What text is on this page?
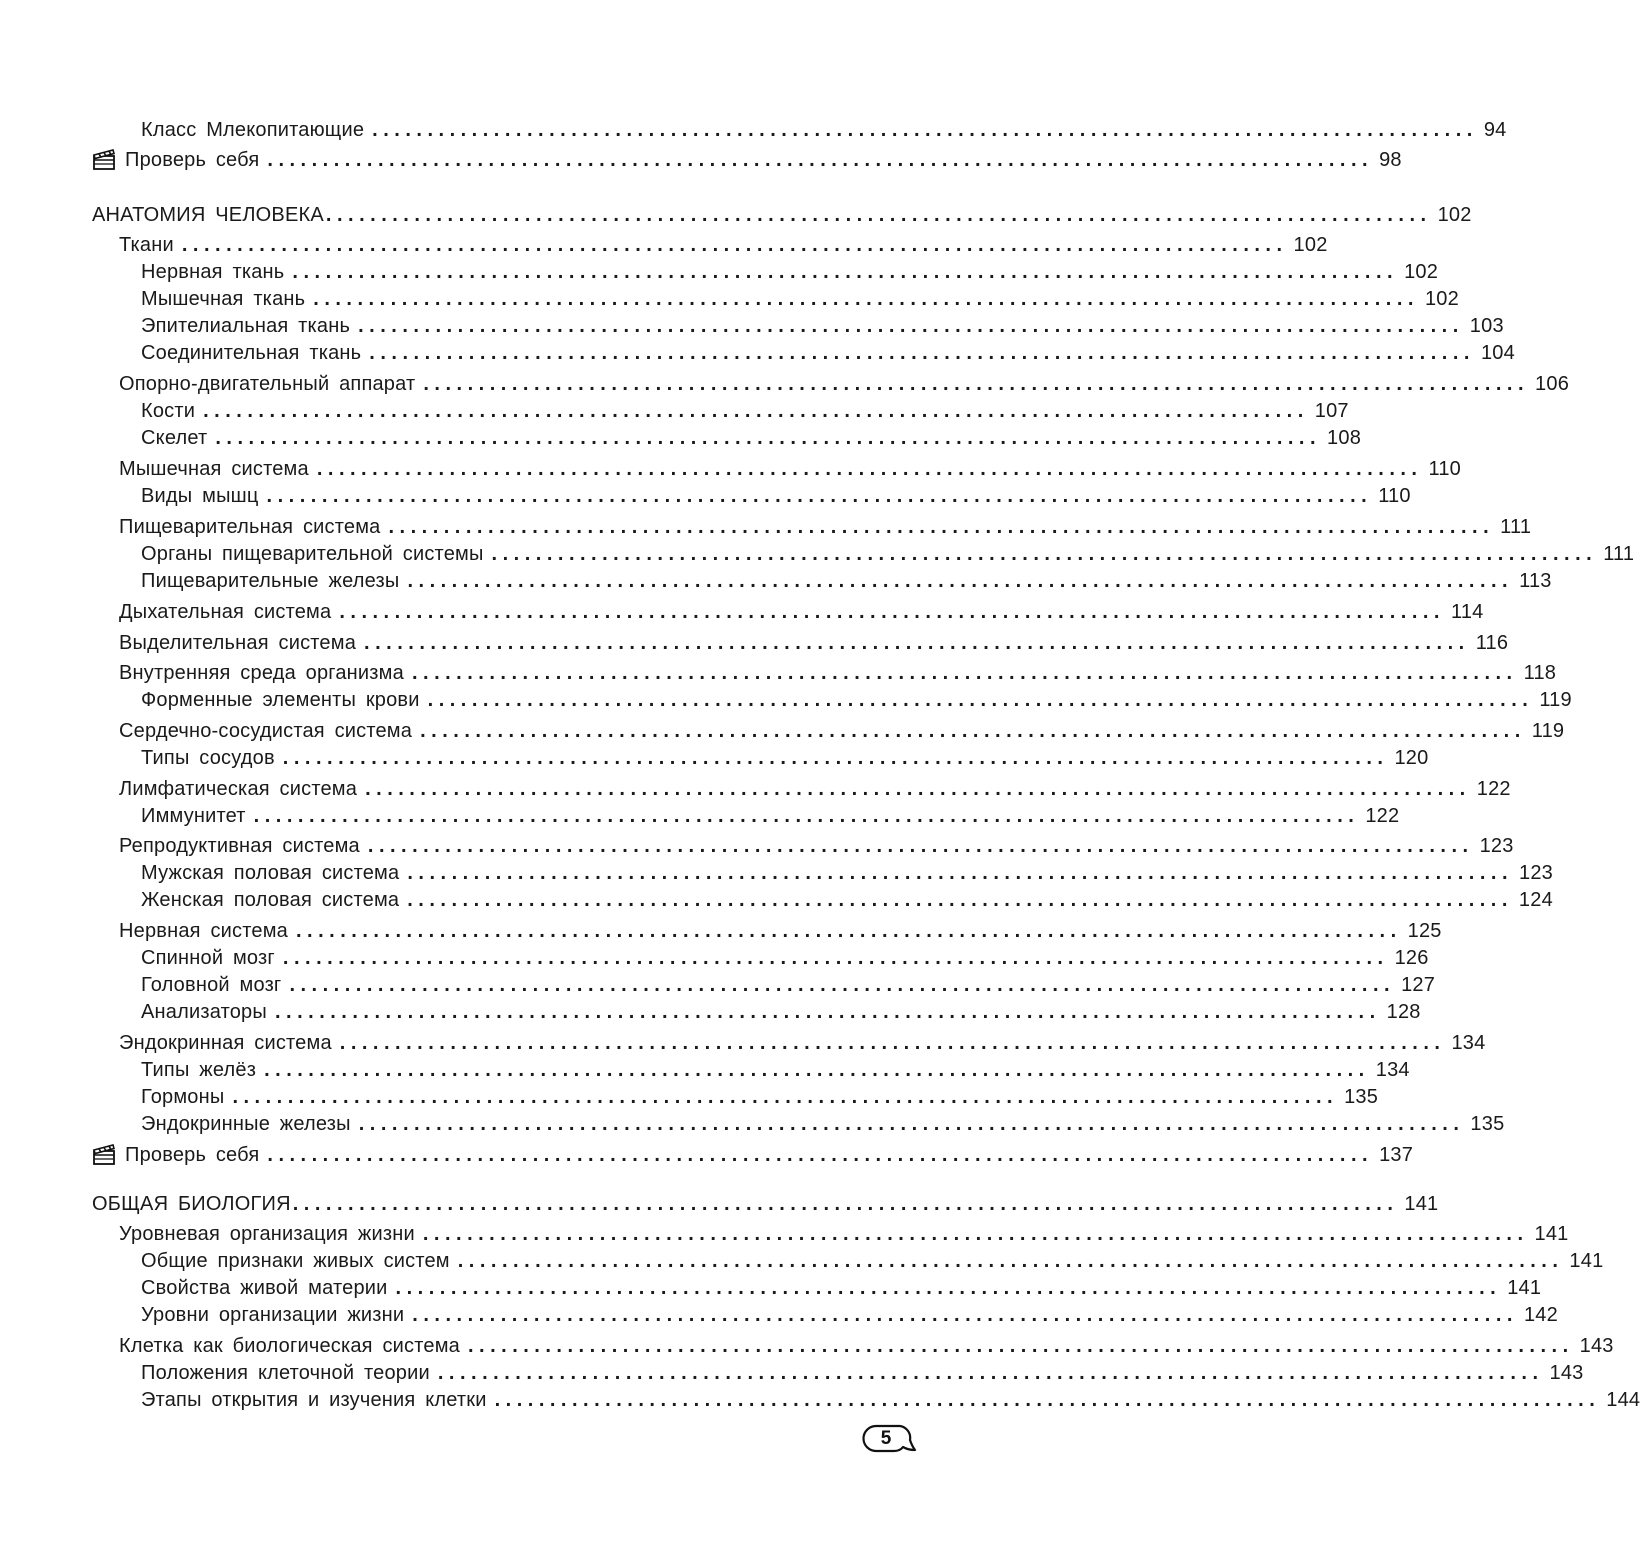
Класс Млекопитающие .................................................................................................... 94
Проверь себя .................................................................................................... 98
АНАТОМИЯ ЧЕЛОВЕКА .................................................................................................... 102
Ткани .................................................................................................... 102
Нервная ткань .................................................................................................... 102
Мышечная ткань .................................................................................................... 102
Эпителиальная ткань .................................................................................................... 103
Соединительная ткань .................................................................................................... 104
Опорно-двигательный аппарат .................................................................................................... 106
Кости .................................................................................................... 107
Скелет .................................................................................................... 108
Мышечная система .................................................................................................... 110
Виды мышц .................................................................................................... 110
Пищеварительная система .................................................................................................... 111
Органы пищеварительной системы .................................................................................................... 111
Пищеварительные железы .................................................................................................... 113
Дыхательная система .................................................................................................... 114
Выделительная система .................................................................................................... 116
Внутренняя среда организма .................................................................................................... 118
Форменные элементы крови .................................................................................................... 119
Сердечно-сосудистая система .................................................................................................... 119
Типы сосудов .................................................................................................... 120
Лимфатическая система .................................................................................................... 122
Иммунитет .................................................................................................... 122
Репродуктивная система .................................................................................................... 123
Мужская половая система .................................................................................................... 123
Женская половая система .................................................................................................... 124
Нервная система .................................................................................................... 125
Спинной мозг .................................................................................................... 126
Головной мозг .................................................................................................... 127
Анализаторы .................................................................................................... 128
Эндокринная система .................................................................................................... 134
Типы желёз .................................................................................................... 134
Гормоны .................................................................................................... 135
Эндокринные железы .................................................................................................... 135
Проверь себя .................................................................................................... 137
ОБЩАЯ БИОЛОГИЯ .................................................................................................... 141
Уровневая организация жизни .................................................................................................... 141
Общие признаки живых систем .................................................................................................... 141
Свойства живой материи .................................................................................................... 141
Уровни организации жизни .................................................................................................... 142
Клетка как биологическая система .................................................................................................... 143
Положения клеточной теории .................................................................................................... 143
Этапы открытия и изучения клетки .................................................................................................... 144
5
